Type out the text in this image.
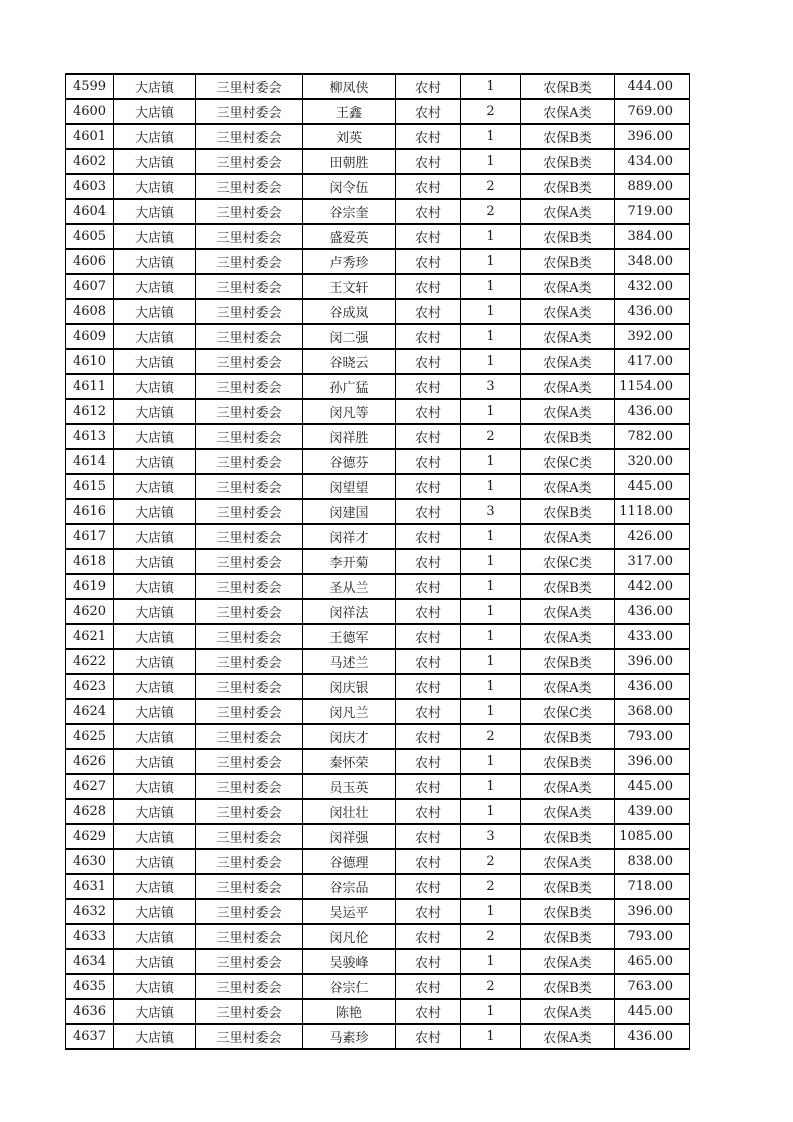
4599	大店镇	三里村委会	柳凤侠	农村	1	农保B类	444.00
4600	大店镇	三里村委会	王鑫	农村	2	农保A类	769.00
4601	大店镇	三里村委会	刘英	农村	1	农保B类	396.00
4602	大店镇	三里村委会	田朝胜	农村	1	农保B类	434.00
4603	大店镇	三里村委会	闵令伍	农村	2	农保B类	889.00
4604	大店镇	三里村委会	谷宗奎	农村	2	农保A类	719.00
4605	大店镇	三里村委会	盛爱英	农村	1	农保B类	384.00
4606	大店镇	三里村委会	卢秀珍	农村	1	农保B类	348.00
4607	大店镇	三里村委会	王文轩	农村	1	农保A类	432.00
4608	大店镇	三里村委会	谷成岚	农村	1	农保A类	436.00
4609	大店镇	三里村委会	闵二强	农村	1	农保A类	392.00
4610	大店镇	三里村委会	谷晓云	农村	1	农保A类	417.00
4611	大店镇	三里村委会	孙广猛	农村	3	农保A类	1154.00
4612	大店镇	三里村委会	闵凡等	农村	1	农保A类	436.00
4613	大店镇	三里村委会	闵祥胜	农村	2	农保B类	782.00
4614	大店镇	三里村委会	谷德芬	农村	1	农保C类	320.00
4615	大店镇	三里村委会	闵望望	农村	1	农保A类	445.00
4616	大店镇	三里村委会	闵建国	农村	3	农保B类	1118.00
4617	大店镇	三里村委会	闵祥才	农村	1	农保A类	426.00
4618	大店镇	三里村委会	李开菊	农村	1	农保C类	317.00
4619	大店镇	三里村委会	圣从兰	农村	1	农保B类	442.00
4620	大店镇	三里村委会	闵祥法	农村	1	农保A类	436.00
4621	大店镇	三里村委会	王德军	农村	1	农保A类	433.00
4622	大店镇	三里村委会	马述兰	农村	1	农保B类	396.00
4623	大店镇	三里村委会	闵庆银	农村	1	农保A类	436.00
4624	大店镇	三里村委会	闵凡兰	农村	1	农保C类	368.00
4625	大店镇	三里村委会	闵庆才	农村	2	农保B类	793.00
4626	大店镇	三里村委会	秦怀荣	农村	1	农保B类	396.00
4627	大店镇	三里村委会	员玉英	农村	1	农保A类	445.00
4628	大店镇	三里村委会	闵壮壮	农村	1	农保A类	439.00
4629	大店镇	三里村委会	闵祥强	农村	3	农保B类	1085.00
4630	大店镇	三里村委会	谷德理	农村	2	农保A类	838.00
4631	大店镇	三里村委会	谷宗品	农村	2	农保B类	718.00
4632	大店镇	三里村委会	吴运平	农村	1	农保B类	396.00
4633	大店镇	三里村委会	闵凡伦	农村	2	农保B类	793.00
4634	大店镇	三里村委会	吴骏峰	农村	1	农保A类	465.00
4635	大店镇	三里村委会	谷宗仁	农村	2	农保B类	763.00
4636	大店镇	三里村委会	陈艳	农村	1	农保A类	445.00
4637	大店镇	三里村委会	马素珍	农村	1	农保A类	436.00
